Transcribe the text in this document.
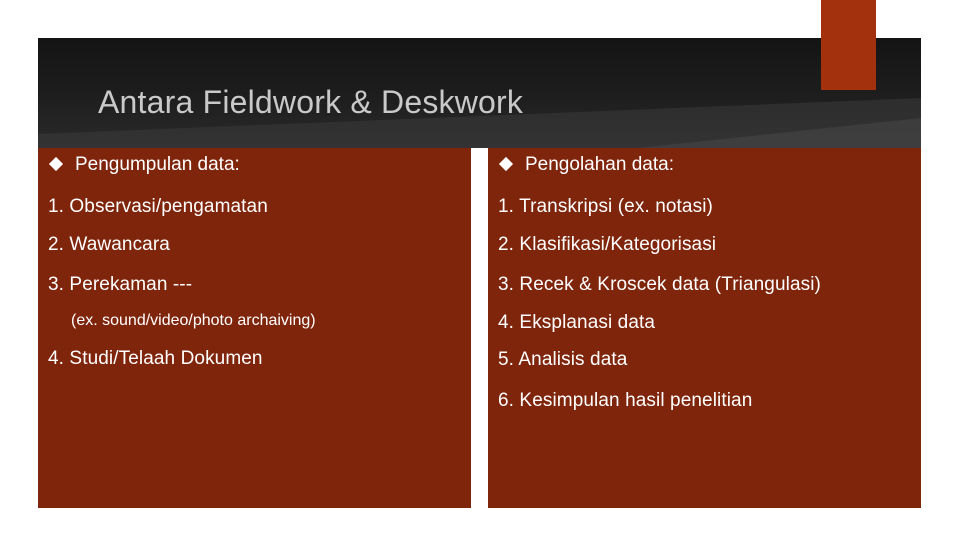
Antara Fieldwork & Deskwork
Pengumpulan data:
1. Observasi/pengamatan
2. Wawancara
3. Perekaman ---
(ex. sound/video/photo archaiving)
4. Studi/Telaah Dokumen
Pengolahan data:
1. Transkripsi (ex. notasi)
2. Klasifikasi/Kategorisasi
3. Recek & Kroscek data (Triangulasi)
4. Eksplanasi data
5. Analisis data
6. Kesimpulan hasil penelitian
